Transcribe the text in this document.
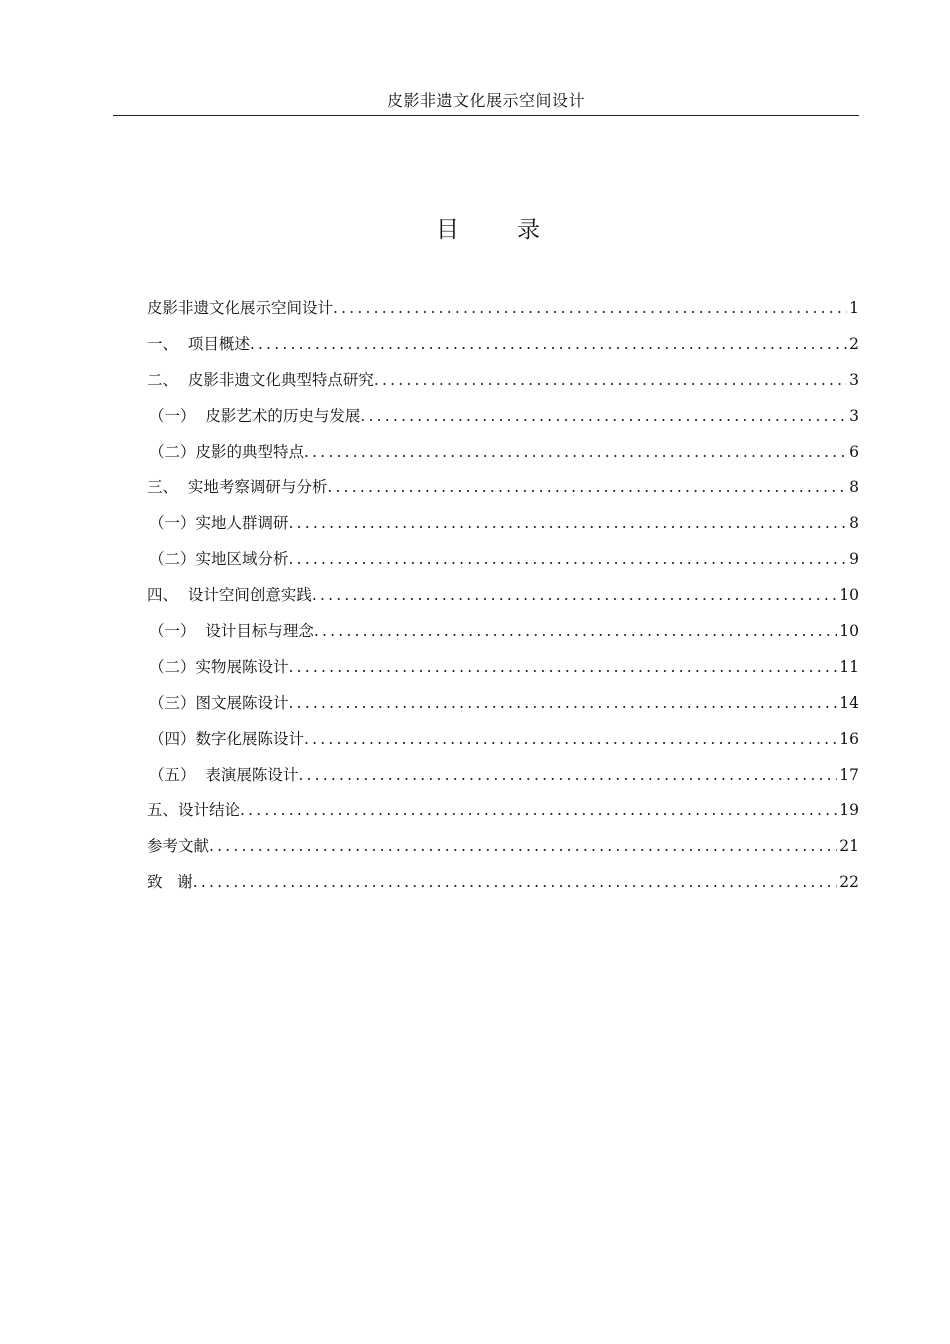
皮影非遗文化展示空间设计
目	录
皮影非遗文化展示空间设计 .....	1
一、  项目概述 .....	2
二、  皮影非遗文化典型特点研究 .....	3
（一）  皮影艺术的历史与发展 .....	3
（二）皮影的典型特点 .....	6
三、  实地考察调研与分析 .....	8
（一）实地人群调研 .....	8
（二）实地区域分析 .....	9
四、  设计空间创意实践 .....	10
（一）  设计目标与理念 .....	10
（二）实物展陈设计 .....	11
（三）图文展陈设计 .....	14
（四）数字化展陈设计 .....	16
（五）  表演展陈设计 .....	17
五、设计结论 .....	19
参考文献 .....	21
致   谢 .....	22
